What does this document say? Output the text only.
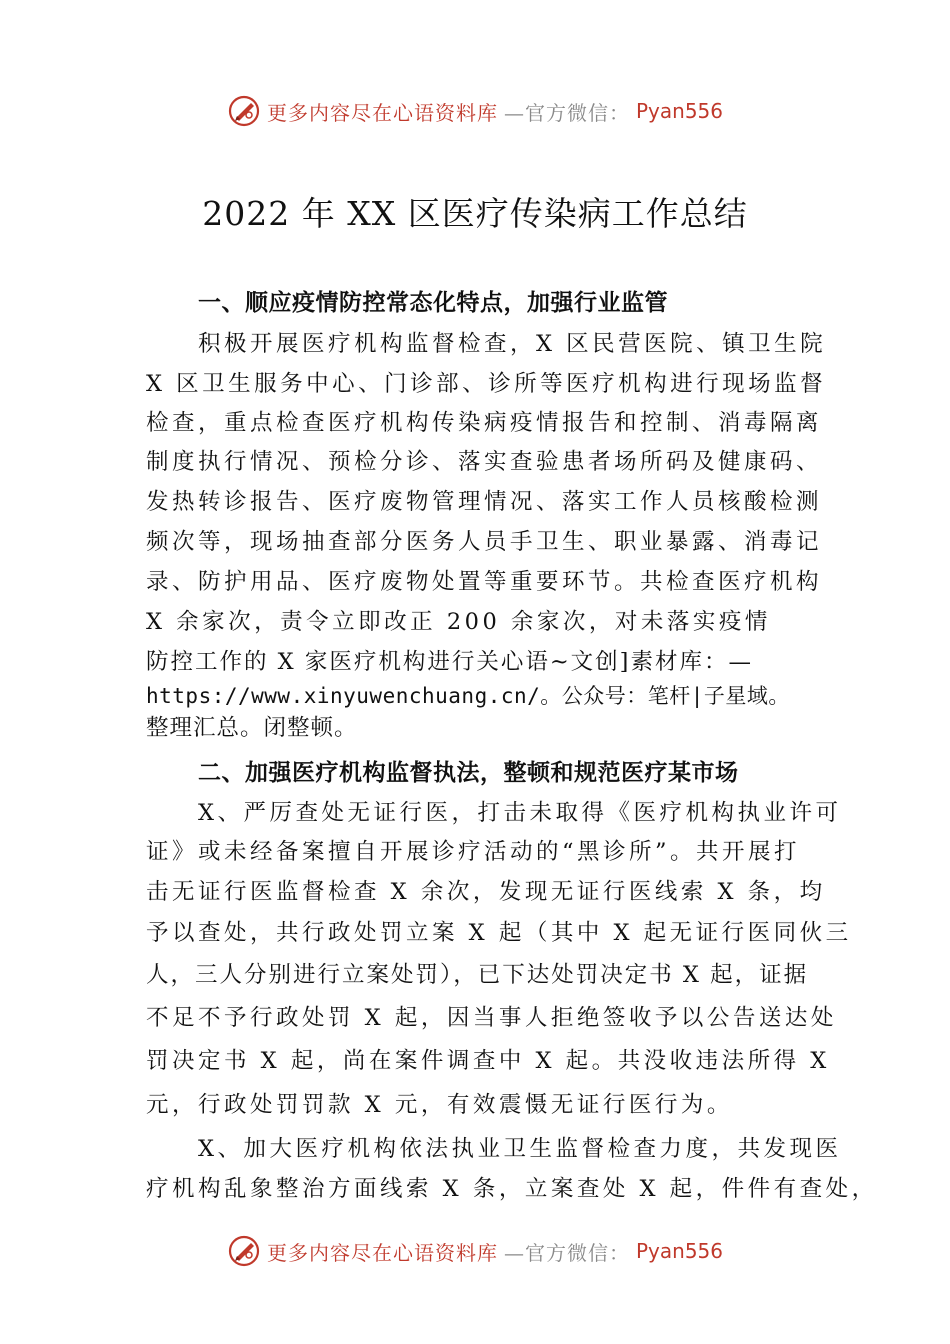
更多内容尽在心语资料库 —官方微信： Pyan556
2022 年 XX 区医疗传染病工作总结
一、顺应疫情防控常态化特点，加强行业监管
积极开展医疗机构监督检查，X 区民营医院、镇卫生院
X 区卫生服务中心、门诊部、诊所等医疗机构进行现场监督
检查，重点检查医疗机构传染病疫情报告和控制、消毒隔离
制度执行情况、预检分诊、落实查验患者场所码及健康码、
发热转诊报告、医疗废物管理情况、落实工作人员核酸检测
频次等，现场抽查部分医务人员手卫生、职业暴露、消毒记
录、防护用品、医疗废物处置等重要环节。共检查医疗机构
X 余家次，责令立即改正 200 余家次，对未落实疫情
防控工作的 X 家医疗机构进行关心语~文创]素材库：—
https://www.xinyuwenchuang.cn/。公众号：笔杆|子星域。
整理汇总。闭整顿。
二、加强医疗机构监督执法，整顿和规范医疗某市场
X、严厉查处无证行医，打击未取得《医疗机构执业许可
证》或未经备案擅自开展诊疗活动的“黑诊所”。共开展打
击无证行医监督检查 X 余次，发现无证行医线索 X 条，均
予以查处，共行政处罚立案 X 起（其中 X 起无证行医同伙三
人，三人分别进行立案处罚），已下达处罚决定书 X 起，证据
不足不予行政处罚 X 起，因当事人拒绝签收予以公告送达处
罚决定书 X 起，尚在案件调查中 X 起。共没收违法所得 X
元，行政处罚罚款 X 元，有效震慑无证行医行为。
X、加大医疗机构依法执业卫生监督检查力度，共发现医
疗机构乱象整治方面线索 X 条，立案查处 X 起，件件有查处，
更多内容尽在心语资料库 —官方微信： Pyan556
